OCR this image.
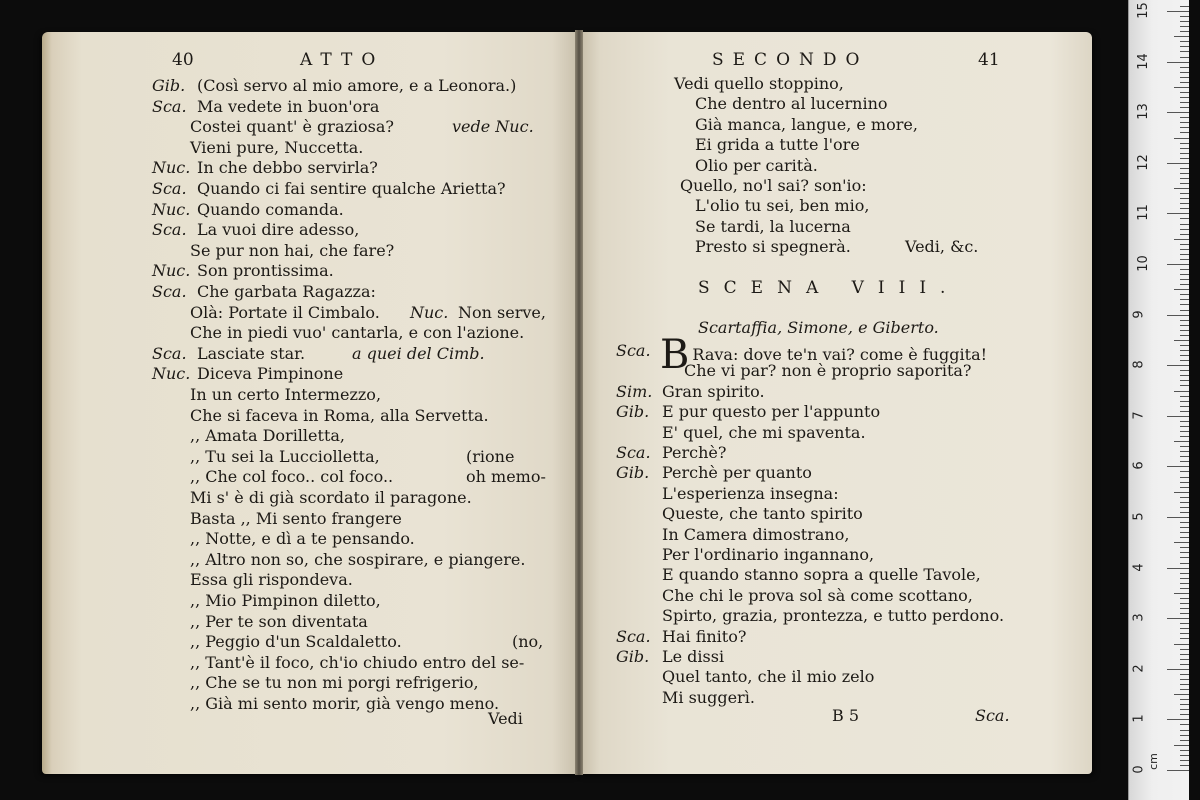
40	ATTO
Gib. (Così servo al mio amore, e a Leonora.)
Sca. Ma vedete in buon'ora
Costei quant' è graziosa?	vede Nuc.
Vieni pure, Nuccetta.
Nuc. In che debbo servirla?
Sca. Quando ci fai sentire qualche Arietta?
Nuc. Quando comanda.
Sca. La vuoi dire adesso,
Se pur non hai, che fare?
Nuc. Son prontissima.
Sca. Che garbata Ragazza:
Olà: Portate il Cimbalo. Nuc. Non serve,
Che in piedi vuo' cantarla, e con l'azione.
Sca. Lasciate star.	a quei del Cimb.
Nuc. Diceva Pimpinone
In un certo Intermezzo,
Che si faceva in Roma, alla Servetta.
,, Amata Dorilletta,
,, Tu sei la Lucciolletta,	(rione
,, Che col foco.. col foco..	oh memo-
Mi s' è di già scordato il paragone.
Basta ,, Mi sento frangere
,, Notte, e dì a te pensando.
,, Altro non so, che sospirare, e piangere.
Essa gli rispondeva.
,, Mio Pimpinon diletto,
,, Per te son diventata
,, Peggio d'un Scaldaletto.	(no,
,, Tant'è il foco, ch'io chiudo entro del se-
,, Che se tu non mi porgi refrigerio,
,, Già mi sento morir, già vengo meno.
Vedi
SECONDO	41
Vedi quello stoppino,
Che dentro al lucernino
Già manca, langue, e more,
Ei grida a tutte l'ore
Olio per carità.
Quello, no'l sai? son'io:
L'olio tu sei, ben mio,
Se tardi, la lucerna
Presto si spegnerà.	Vedi, &c.
SCENA VIII.
Scartaffia, Simone, e Giberto.
Sca. B Rava: dove te'n vai? come è fuggita!
Che vi par? non è proprio saporita?
Sim. Gran spirito.
Gib. E pur questo per l'appunto
E' quel, che mi spaventa.
Sca. Perchè?
Gib. Perchè per quanto
L'esperienza insegna:
Queste, che tanto spirito
In Camera dimostrano,
Per l'ordinario ingannano,
E quando stanno sopra a quelle Tavole,
Che chi le prova sol sà come scottano,
Spirto, grazia, prontezza, e tutto perdono.
Sca. Hai finito?
Gib. Le dissi
Quel tanto, che il mio zelo
Mi suggerì.
B 5	Sca.
0
1
2
3
4
5
6
7
8
9
10
11
12
13
14
15
cm
